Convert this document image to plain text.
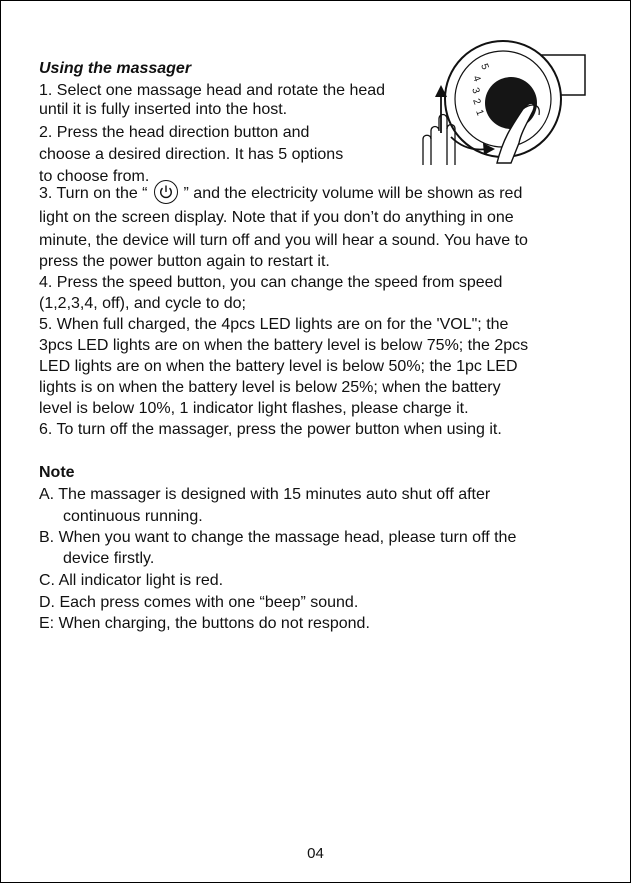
Using the massager
1. Select one massage head and rotate the head
until it is fully inserted into the host.
2. Press the head direction button and
choose a desired direction. It has 5 options
to choose from.
3. Turn on the “ ” and the electricity volume will be shown as red
light on the screen display. Note that if you don’t do anything in one
minute, the device will turn off and you will hear a sound. You have to
press the power button again to restart it.
4. Press the speed button, you can change the speed from speed
(1,2,3,4, off), and cycle to do;
5. When full charged, the 4pcs LED lights are on for the 'VOL"; the
3pcs LED lights are on when the battery level is below 75%; the 2pcs
LED lights are on when the battery level is below 50%; the 1pc LED
lights is on when the battery level is below 25%; when the battery
level is below 10%, 1 indicator light flashes, please charge it.
6. To turn off the massager, press the power button when using it.
Note
A. The massager is designed with 15 minutes auto shut off after
continuous running.
B. When you want to change the massage head, please turn off the
device firstly.
C. All indicator light is red.
D. Each press comes with one “beep” sound.
E: When charging, the buttons do not respond.
5
4
3
2
1
04
